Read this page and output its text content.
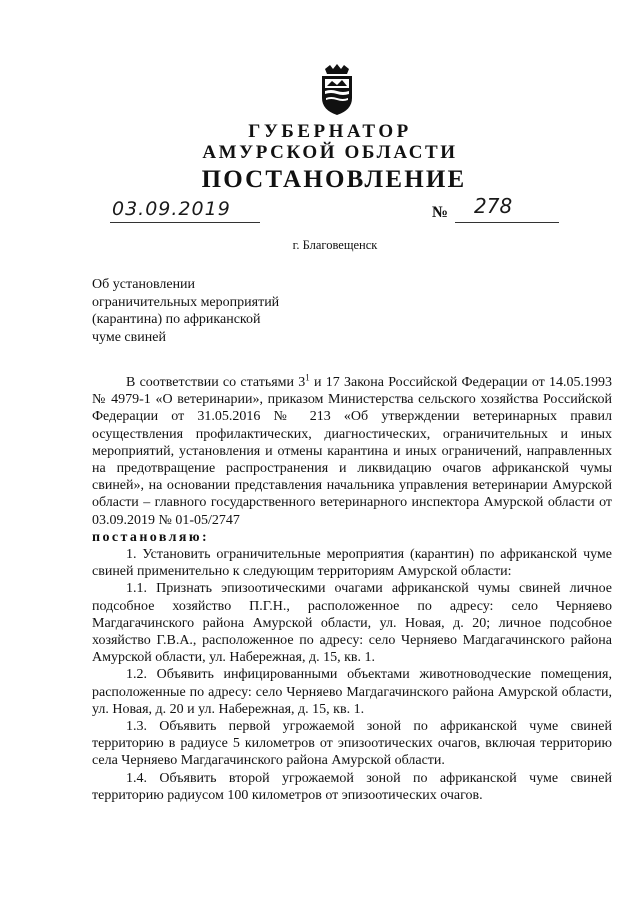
ГУБЕРНАТОР
АМУРСКОЙ ОБЛАСТИ
ПОСТАНОВЛЕНИЕ
03.09.2019	№ 278
г. Благовещенск
Об установлении
ограничительных мероприятий
(карантина) по африканской
чуме свиней

В соответствии со статьями $3^1$ и 17 Закона Российской Федерации от 14.05.1993 № 4979-1 «О ветеринарии», приказом Министерства сельского хозяйства Российской Федерации от 31.05.2016 № 213 «Об утверждении ветеринарных правил осуществления профилактических, диагностических, ограничительных и иных мероприятий, установления и отмены карантина и иных ограничений, направленных на предотвращение распространения и ликвидацию очагов африканской чумы свиней», на основании представления начальника управления ветеринарии Амурской области – главного государственного ветеринарного инспектора Амурской области от 03.09.2019 № 01-05/2747

постановляю:

1. Установить ограничительные мероприятия (карантин) по африканской чуме свиней применительно к следующим территориям Амурской области:

1.1. Признать эпизоотическими очагами африканской чумы свиней личное подсобное хозяйство П.Г.Н., расположенное по адресу: село Черняево Магдагачинского района Амурской области, ул. Новая, д. 20; личное подсобное хозяйство Г.В.А., расположенное по адресу: село Черняево Магдагачинского района Амурской области, ул. Набережная, д. 15, кв. 1.

1.2. Объявить инфицированными объектами животноводческие помещения, расположенные по адресу: село Черняево Магдагачинского района Амурской области, ул. Новая, д. 20 и ул. Набережная, д. 15, кв. 1.

1.3. Объявить первой угрожаемой зоной по африканской чуме свиней территорию в радиусе 5 километров от эпизоотических очагов, включая территорию села Черняево Магдагачинского района Амурской области.

1.4. Объявить второй угрожаемой зоной по африканской чуме свиней территорию радиусом 100 километров от эпизоотических очагов.
